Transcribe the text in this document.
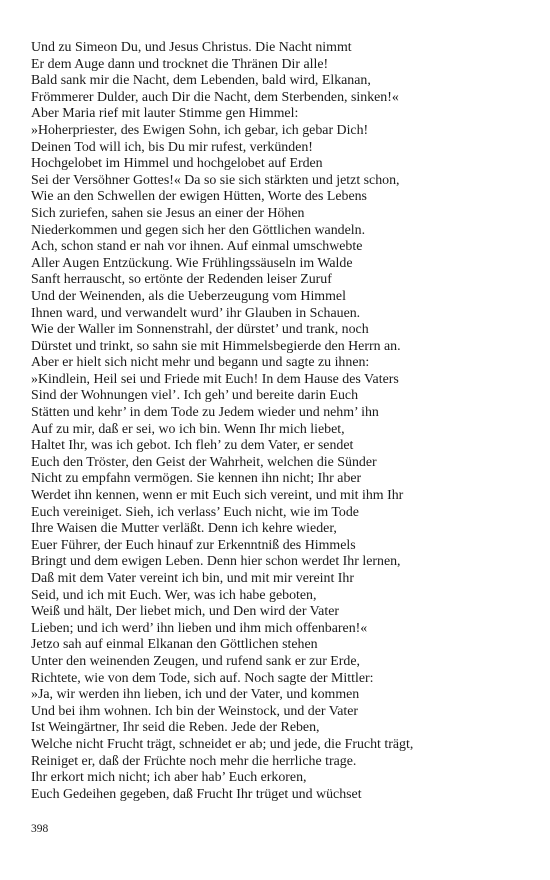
Und zu Simeon Du, und Jesus Christus. Die Nacht nimmt
Er dem Auge dann und trocknet die Thränen Dir alle!
Bald sank mir die Nacht, dem Lebenden, bald wird, Elkanan,
Frömmerer Dulder, auch Dir die Nacht, dem Sterbenden, sinken!«
Aber Maria rief mit lauter Stimme gen Himmel:
»Hoherpriester, des Ewigen Sohn, ich gebar, ich gebar Dich!
Deinen Tod will ich, bis Du mir rufest, verkünden!
Hochgelobet im Himmel und hochgelobet auf Erden
Sei der Versöhner Gottes!« Da so sie sich stärkten und jetzt schon,
Wie an den Schwellen der ewigen Hütten, Worte des Lebens
Sich zuriefen, sahen sie Jesus an einer der Höhen
Niederkommen und gegen sich her den Göttlichen wandeln.
Ach, schon stand er nah vor ihnen. Auf einmal umschwebte
Aller Augen Entzückung. Wie Frühlingssäuseln im Walde
Sanft herrauscht, so ertönte der Redenden leiser Zuruf
Und der Weinenden, als die Ueberzeugung vom Himmel
Ihnen ward, und verwandelt wurd’ ihr Glauben in Schauen.
Wie der Waller im Sonnenstrahl, der dürstet’ und trank, noch
Dürstet und trinkt, so sahn sie mit Himmelsbegierde den Herrn an.
Aber er hielt sich nicht mehr und begann und sagte zu ihnen:
»Kindlein, Heil sei und Friede mit Euch! In dem Hause des Vaters
Sind der Wohnungen viel’. Ich geh’ und bereite darin Euch
Stätten und kehr’ in dem Tode zu Jedem wieder und nehm’ ihn
Auf zu mir, daß er sei, wo ich bin. Wenn Ihr mich liebet,
Haltet Ihr, was ich gebot. Ich fleh’ zu dem Vater, er sendet
Euch den Tröster, den Geist der Wahrheit, welchen die Sünder
Nicht zu empfahn vermögen. Sie kennen ihn nicht; Ihr aber
Werdet ihn kennen, wenn er mit Euch sich vereint, und mit ihm Ihr
Euch vereiniget. Sieh, ich verlass’ Euch nicht, wie im Tode
Ihre Waisen die Mutter verläßt. Denn ich kehre wieder,
Euer Führer, der Euch hinauf zur Erkenntniß des Himmels
Bringt und dem ewigen Leben. Denn hier schon werdet Ihr lernen,
Daß mit dem Vater vereint ich bin, und mit mir vereint Ihr
Seid, und ich mit Euch. Wer, was ich habe geboten,
Weiß und hält, Der liebet mich, und Den wird der Vater
Lieben; und ich werd’ ihn lieben und ihm mich offenbaren!«
Jetzo sah auf einmal Elkanan den Göttlichen stehen
Unter den weinenden Zeugen, und rufend sank er zur Erde,
Richtete, wie von dem Tode, sich auf. Noch sagte der Mittler:
»Ja, wir werden ihn lieben, ich und der Vater, und kommen
Und bei ihm wohnen. Ich bin der Weinstock, und der Vater
Ist Weingärtner, Ihr seid die Reben. Jede der Reben,
Welche nicht Frucht trägt, schneidet er ab; und jede, die Frucht trägt,
Reiniget er, daß der Früchte noch mehr die herrliche trage.
Ihr erkort mich nicht; ich aber hab’ Euch erkoren,
Euch Gedeihen gegeben, daß Frucht Ihr trüget und wüchset
398
